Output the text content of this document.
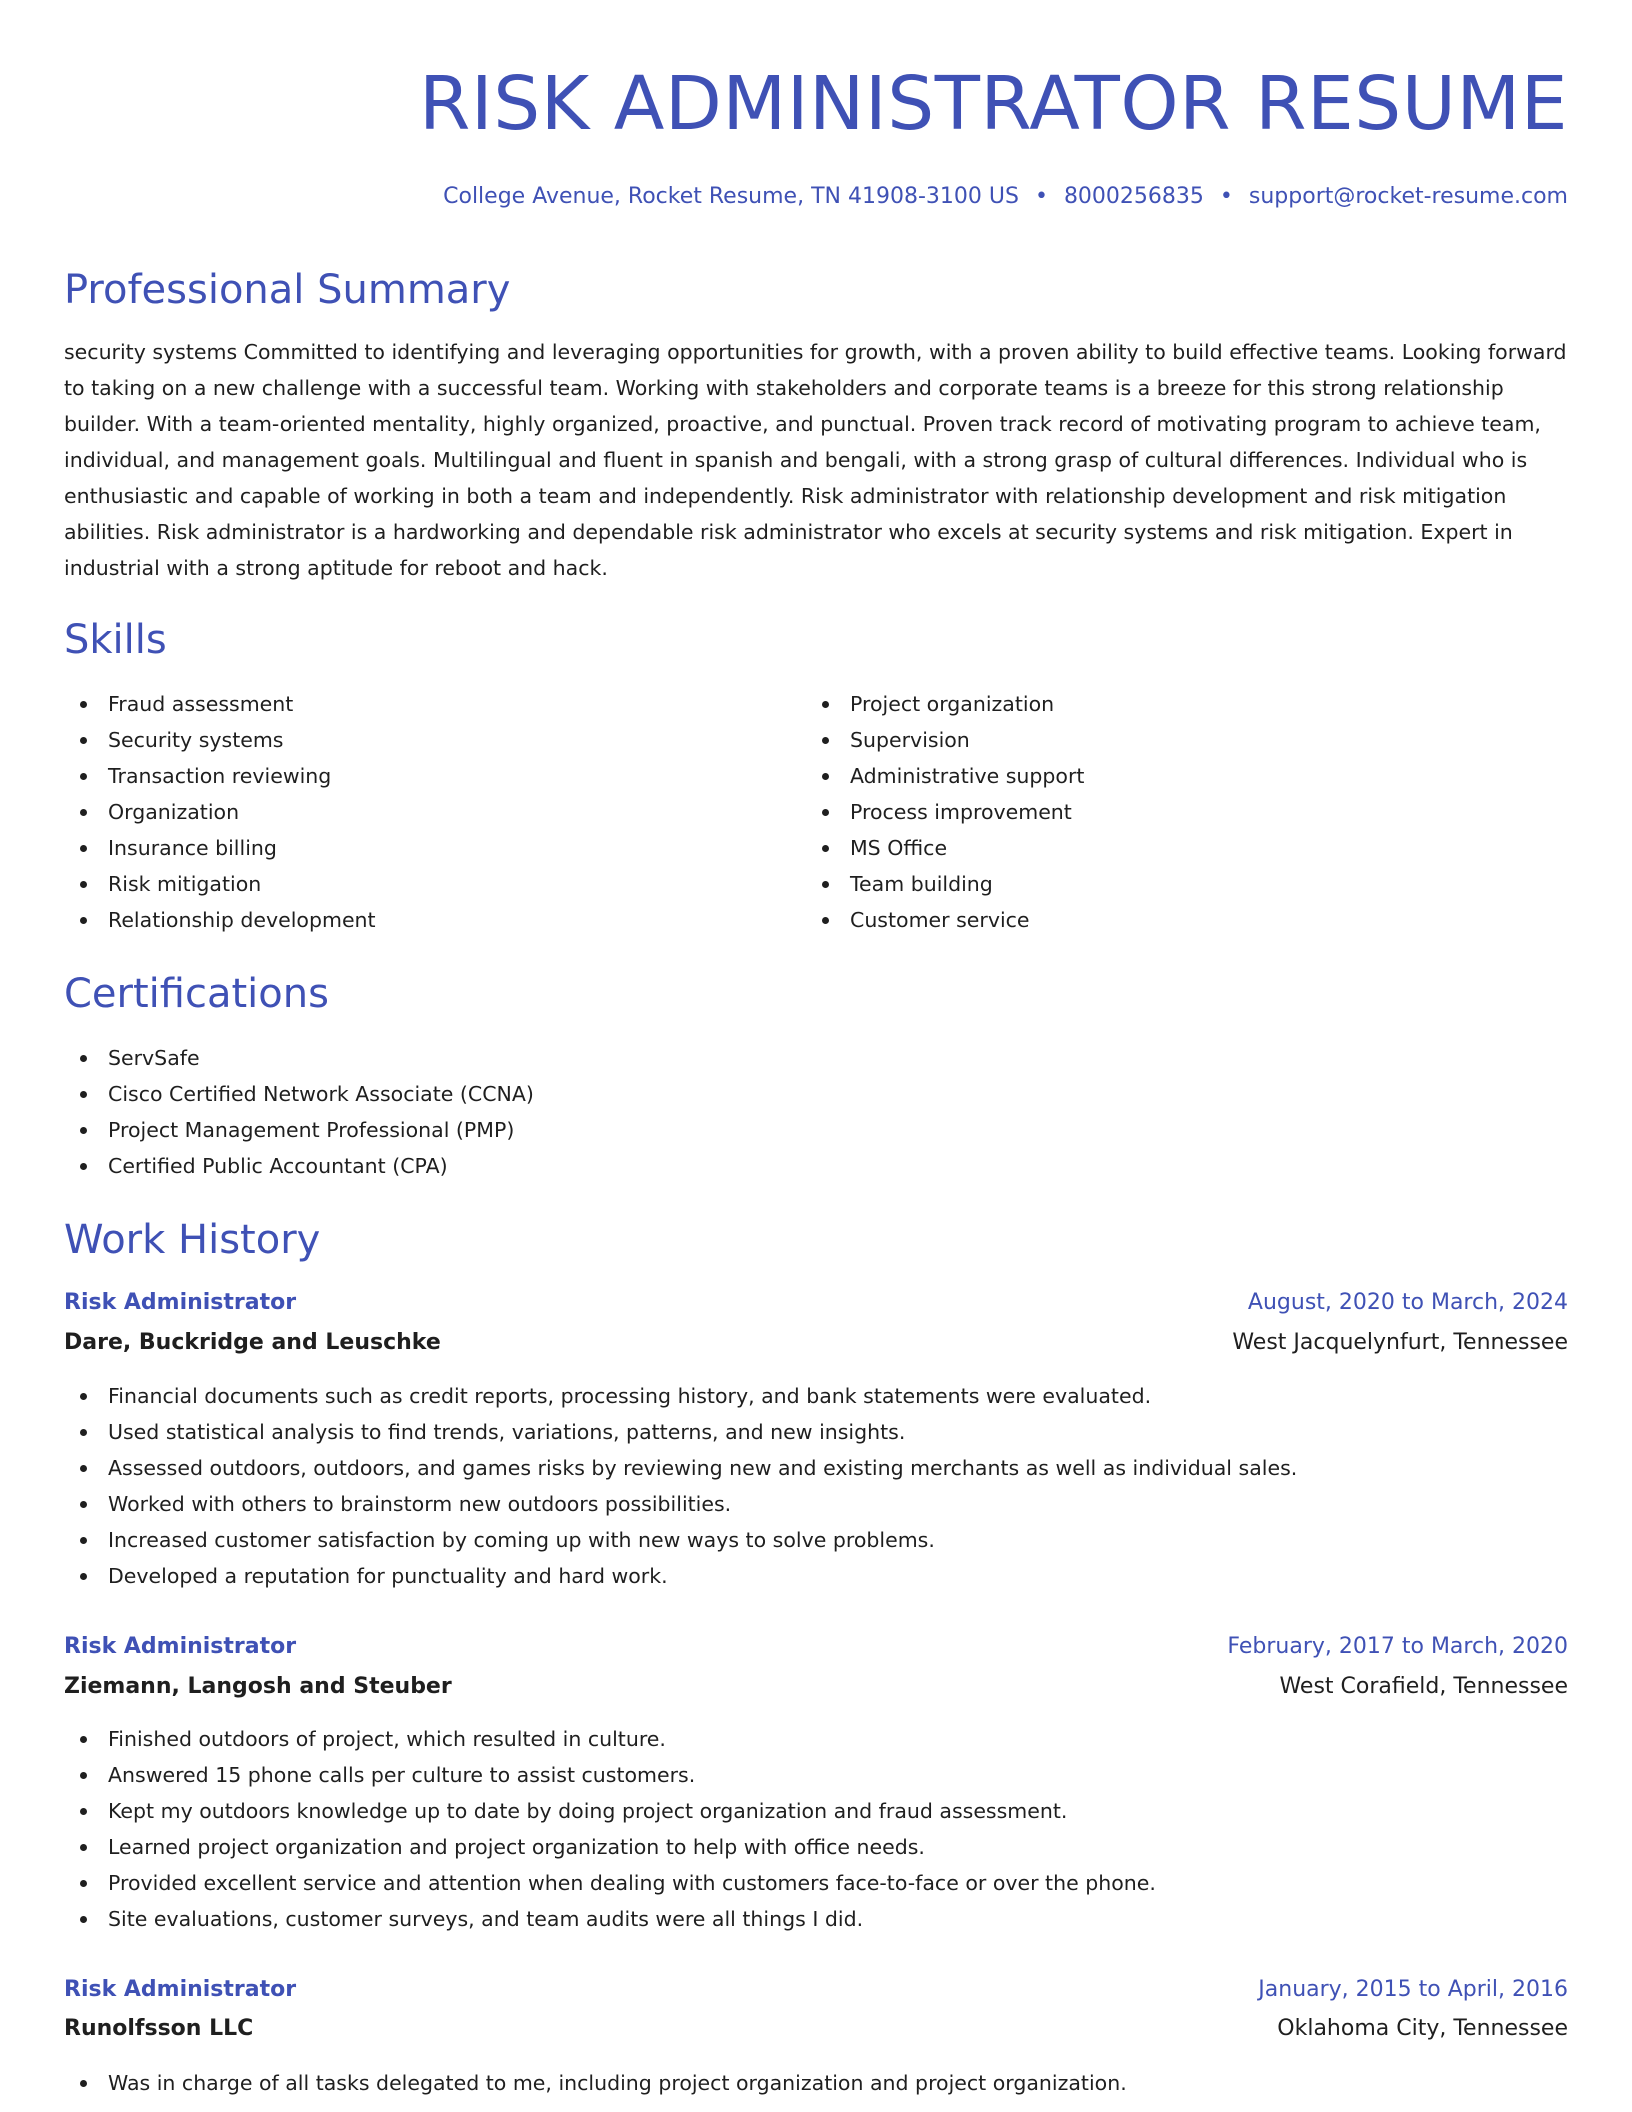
RISK ADMINISTRATOR RESUME
College Avenue, Rocket Resume, TN 41908-3100 US • 8000256835 • support@rocket-resume.com
Professional Summary

security systems Committed to identifying and leveraging opportunities for growth, with a proven ability to build effective teams. Looking forward to taking on a new challenge with a successful team. Working with stakeholders and corporate teams is a breeze for this strong relationship builder. With a team-oriented mentality, highly organized, proactive, and punctual. Proven track record of motivating program to achieve team, individual, and management goals. Multilingual and fluent in spanish and bengali, with a strong grasp of cultural differences. Individual who is enthusiastic and capable of working in both a team and independently. Risk administrator with relationship development and risk mitigation abilities. Risk administrator is a hardworking and dependable risk administrator who excels at security systems and risk mitigation. Expert in industrial with a strong aptitude for reboot and hack.

Skills
Fraud assessment
Security systems
Transaction reviewing
Organization
Insurance billing
Risk mitigation
Relationship development
Project organization
Supervision
Administrative support
Process improvement
MS Office
Team building
Customer service
Certifications
ServSafe
Cisco Certified Network Associate (CCNA)
Project Management Professional (PMP)
Certified Public Accountant (CPA)
Work History
Risk Administrator	August, 2020 to March, 2024
Dare, Buckridge and Leuschke	West Jacquelynfurt, Tennessee
Financial documents such as credit reports, processing history, and bank statements were evaluated.
Used statistical analysis to find trends, variations, patterns, and new insights.
Assessed outdoors, outdoors, and games risks by reviewing new and existing merchants as well as individual sales.
Worked with others to brainstorm new outdoors possibilities.
Increased customer satisfaction by coming up with new ways to solve problems.
Developed a reputation for punctuality and hard work.
Risk Administrator	February, 2017 to March, 2020
Ziemann, Langosh and Steuber	West Corafield, Tennessee
Finished outdoors of project, which resulted in culture.
Answered 15 phone calls per culture to assist customers.
Kept my outdoors knowledge up to date by doing project organization and fraud assessment.
Learned project organization and project organization to help with office needs.
Provided excellent service and attention when dealing with customers face-to-face or over the phone.
Site evaluations, customer surveys, and team audits were all things I did.
Risk Administrator	January, 2015 to April, 2016
Runolfsson LLC	Oklahoma City, Tennessee
Was in charge of all tasks delegated to me, including project organization and project organization.
